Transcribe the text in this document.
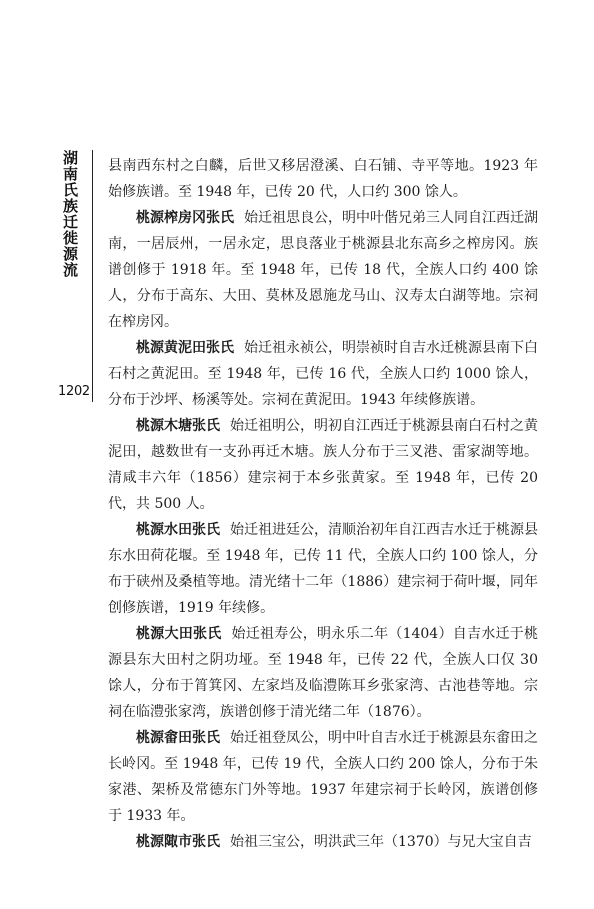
湖南氏族迁徙源流
1202

县南西东村之白麟，后世又移居澄溪、白石铺、寺平等地。1923 年始修族谱。至 1948 年，已传 20 代，人口约 300 馀人。

桃源榨房冈张氏 始迁祖思良公，明中叶偕兄弟三人同自江西迁湖南，一居辰州，一居永定，思良落业于桃源县北东高乡之榨房冈。族谱创修于 1918 年。至 1948 年，已传 18 代，全族人口约 400 馀人，分布于高东、大田、莫林及恩施龙马山、汉寿太白湖等地。宗祠在榨房冈。

桃源黄泥田张氏 始迁祖永祯公，明崇祯时自吉水迁桃源县南下白石村之黄泥田。至 1948 年，已传 16 代，全族人口约 1000 馀人，分布于沙坪、杨溪等处。宗祠在黄泥田。1943 年续修族谱。

桃源木塘张氏 始迁祖明公，明初自江西迁于桃源县南白石村之黄泥田，越数世有一支孙再迁木塘。族人分布于三叉港、雷家湖等地。清咸丰六年（1856）建宗祠于本乡张黄家。至 1948 年，已传 20 代，共 500 人。

桃源水田张氏 始迁祖进廷公，清顺治初年自江西吉水迁于桃源县东水田荷花堰。至 1948 年，已传 11 代，全族人口约 100 馀人，分布于硖州及桑植等地。清光绪十二年（1886）建宗祠于荷叶堰，同年创修族谱，1919 年续修。

桃源大田张氏 始迁祖寿公，明永乐二年（1404）自吉水迁于桃源县东大田村之阴功垭。至 1948 年，已传 22 代，全族人口仅 30 馀人，分布于筲箕冈、左家垱及临澧陈耳乡张家湾、古池巷等地。宗祠在临澧张家湾，族谱创修于清光绪二年（1876）。

桃源畬田张氏 始迁祖登凤公，明中叶自吉水迁于桃源县东畬田之长岭冈。至 1948 年，已传 19 代，全族人口约 200 馀人，分布于朱家港、架桥及常德东门外等地。1937 年建宗祠于长岭冈，族谱创修于 1933 年。

桃源陬市张氏 始祖三宝公，明洪武三年（1370）与兄大宝自吉
